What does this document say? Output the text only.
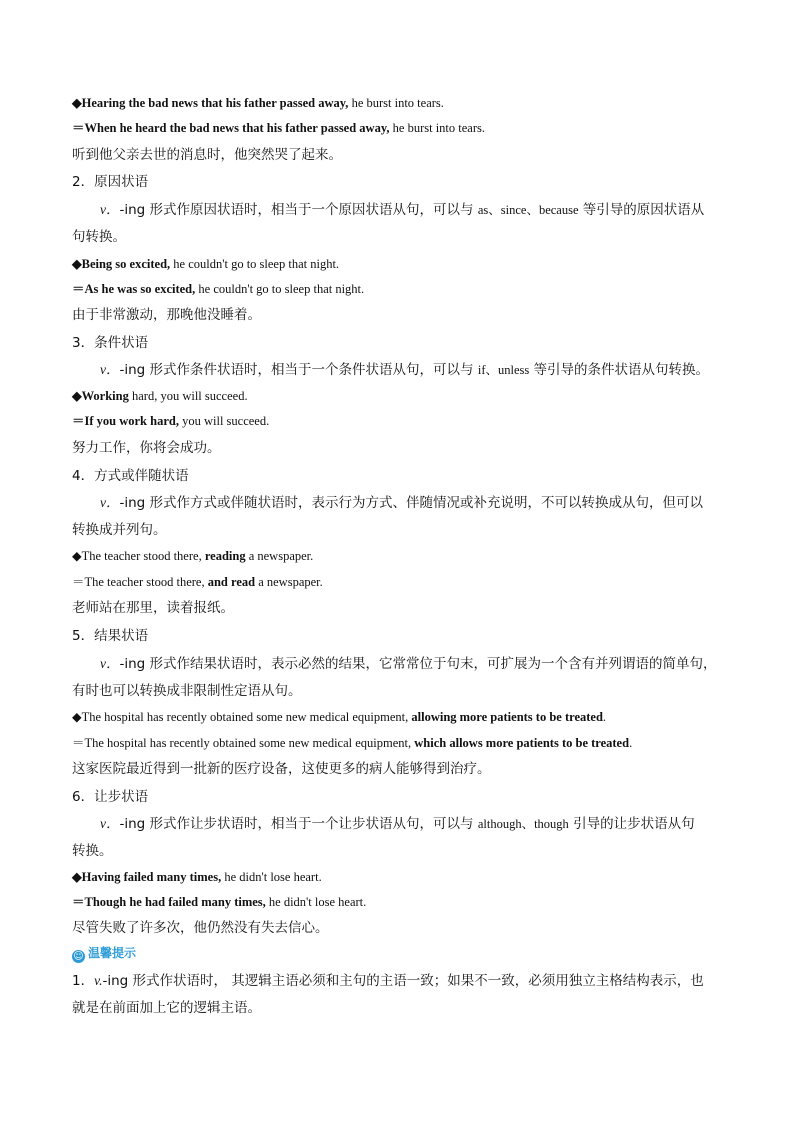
◆Hearing the bad news that his father passed away, he burst into tears.
＝When he heard the bad news that his father passed away, he burst into tears.
听到他父亲去世的消息时，他突然哭了起来。
2．原因状语
v．-ing 形式作原因状语时，相当于一个原因状语从句，可以与 as、since、because 等引导的原因状语从
句转换。
◆Being so excited, he couldn't go to sleep that night.
＝As he was so excited, he couldn't go to sleep that night.
由于非常激动，那晚他没睡着。
3．条件状语
v．-ing 形式作条件状语时，相当于一个条件状语从句，可以与 if、unless 等引导的条件状语从句转换。
◆Working hard, you will succeed.
＝If you work hard, you will succeed.
努力工作，你将会成功。
4．方式或伴随状语
v．-ing 形式作方式或伴随状语时，表示行为方式、伴随情况或补充说明，不可以转换成从句，但可以
转换成并列句。
◆The teacher stood there, reading a newspaper.
＝The teacher stood there, and read a newspaper.
老师站在那里，读着报纸。
5．结果状语
v．-ing 形式作结果状语时，表示必然的结果，它常常位于句末，可扩展为一个含有并列谓语的简单句，
有时也可以转换成非限制性定语从句。
◆The hospital has recently obtained some new medical equipment, allowing more patients to be treated.
＝The hospital has recently obtained some new medical equipment, which allows more patients to be treated.
这家医院最近得到一批新的医疗设备，这使更多的病人能够得到治疗。
6．让步状语
v．-ing 形式作让步状语时，相当于一个让步状语从句，可以与 although、though 引导的让步状语从句
转换。
◆Having failed many times, he didn't lose heart.
＝Though he had failed many times, he didn't lose heart.
尽管失败了许多次，他仍然没有失去信心。
☺ 温馨提示
1．v.-ing 形式作状语时， 其逻辑主语必须和主句的主语一致；如果不一致，必须用独立主格结构表示，也
就是在前面加上它的逻辑主语。
